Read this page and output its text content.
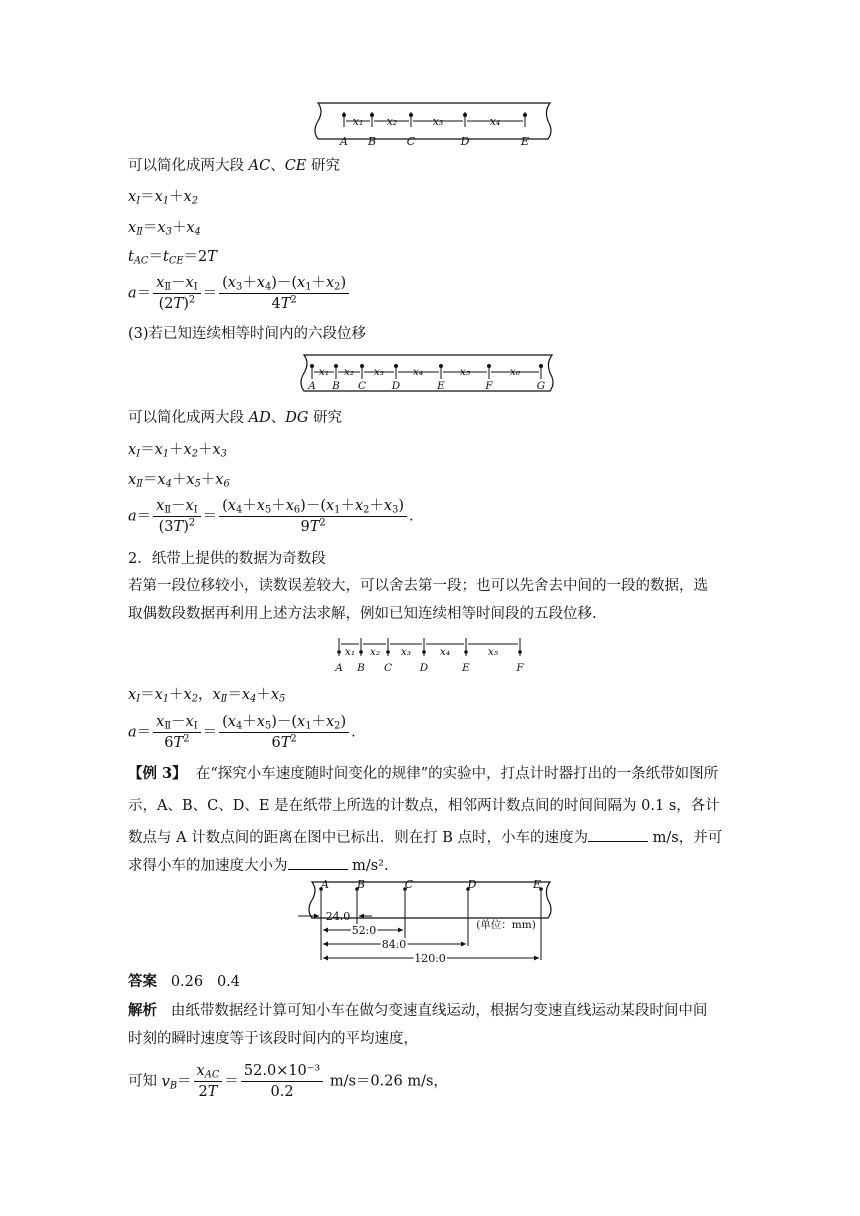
x₁ x₂	x₃	x₄
A B	C	D	E
可以简化成两大段 AC、CE 研究
$x_Ⅰ=x_1+x_2$
$x_Ⅱ=x_3+x_4$
$t_{AC}=t_{CE}=2T$
$a= \frac{x_Ⅱ-x_Ⅰ}{(2T)^2} = \frac{(x_3+x_4)-(x_1+x_2)}{4T^2}$
(3)若已知连续相等时间内的六段位移
x₁ x₂ x₃	x₄	x₅	x₆
A B C D	E	F	G
可以简化成两大段 AD、DG 研究
$x_Ⅰ=x_1+x_2+x_3$
$x_Ⅱ=x_4+x_5+x_6$
$a= \frac{x_Ⅱ-x_Ⅰ}{(3T)^2} = \frac{(x_4+x_5+x_6)-(x_1+x_2+x_3)}{9T^2}$ .
2．纸带上提供的数据为奇数段
若第一段位移较小，读数误差较大，可以舍去第一段；也可以先舍去中间的一段的数据，选
取偶数段数据再利用上述方法求解，例如已知连续相等时间段的五段位移.
x₁ x₂ x₃	x₄	x₅
A B C	D	E	F
$x_Ⅰ=x_1+x_2$，$x_Ⅱ=x_4+x_5$
$a= \frac{x_Ⅱ-x_Ⅰ}{6T^2} = \frac{(x_4+x_5)-(x_1+x_2)}{6T^2}$ .
【例 3】 在“探究小车速度随时间变化的规律”的实验中，打点计时器打出的一条纸带如图所
示，A、B、C、D、E 是在纸带上所选的计数点，相邻两计数点间的时间间隔为 0.1 s，各计
数点与 A 计数点间的距离在图中已标出．则在打 B 点时，小车的速度为	m/s，并可
求得小车的加速度大小为	m/s².
A	B	C	D	E
24.0
52.0
84.0
120.0
(单位：mm)
答案 0.26 0.4
解析 由纸带数据经计算可知小车在做匀变速直线运动，根据匀变速直线运动某段时间中间
时刻的瞬时速度等于该段时间内的平均速度，
可知 $v_B= \frac{x_{AC}}{2T} = \frac{\text{52.0×10⁻³}}{0.2} m/s=0.26$ m/s，
